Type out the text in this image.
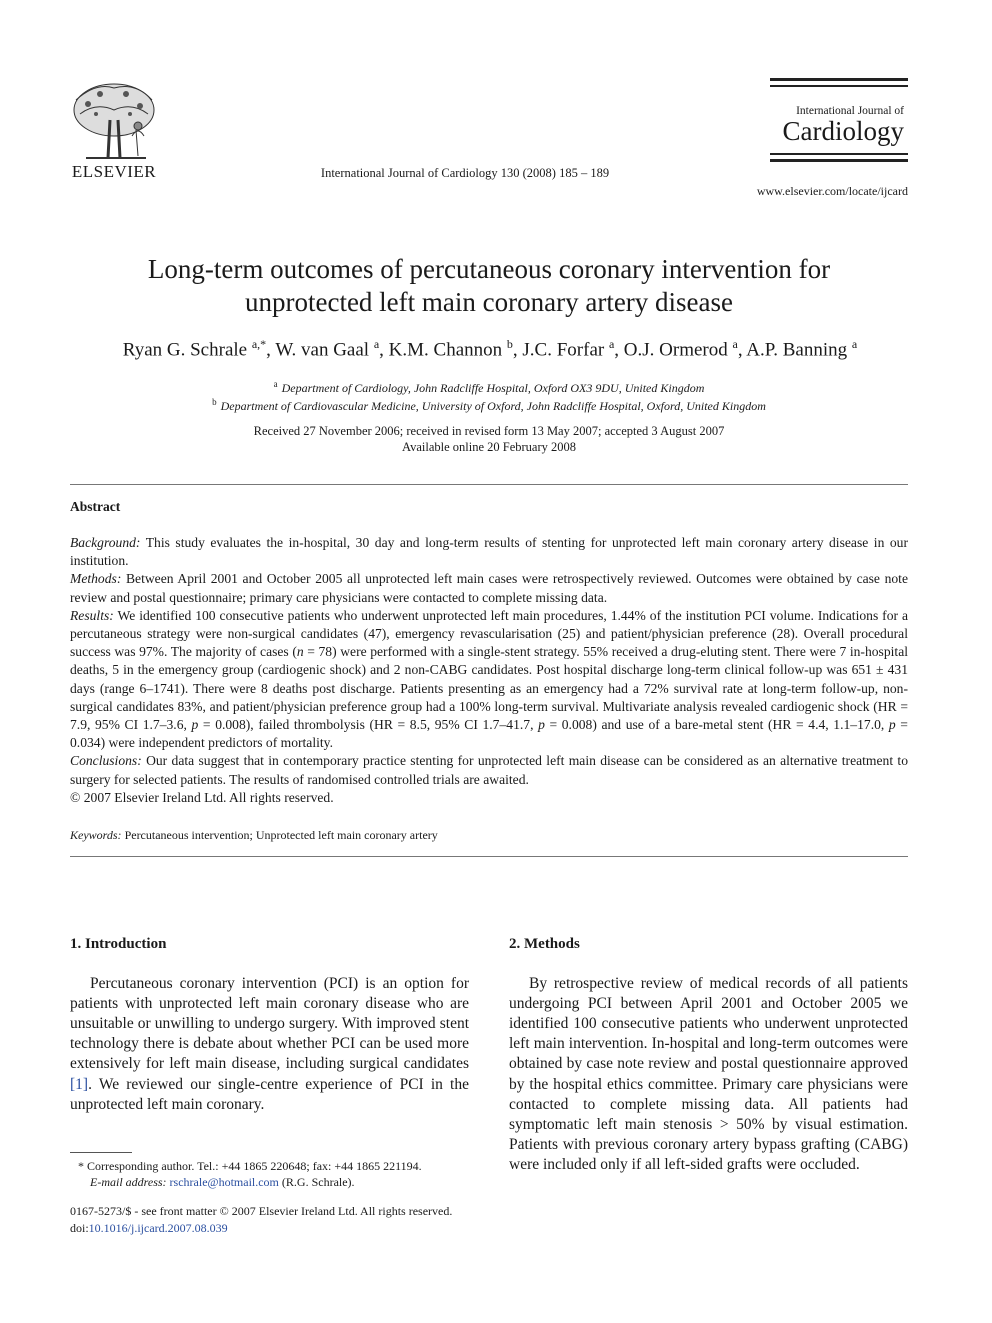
ELSEVIER	International Journal of Cardiology 130 (2008) 185 – 189
International Journal of
Cardiology
www.elsevier.com/locate/ijcard
Long-term outcomes of percutaneous coronary intervention for
unprotected left main coronary artery disease
Ryan G. Schrale $^{a,*}$, W. van Gaal $^a$, K.M. Channon $^b$, J.C. Forfar $^a$, O.J. Ormerod $^a$, A.P. Banning $^a$
$^a$ Department of Cardiology, John Radcliffe Hospital, Oxford OX3 9DU, United Kingdom
$^b$ Department of Cardiovascular Medicine, University of Oxford, John Radcliffe Hospital, Oxford, United Kingdom
Received 27 November 2006; received in revised form 13 May 2007; accepted 3 August 2007
Available online 20 February 2008
Abstract

Background: This study evaluates the in-hospital, 30 day and long-term results of stenting for unprotected left main coronary artery disease in our institution.

Methods: Between April 2001 and October 2005 all unprotected left main cases were retrospectively reviewed. Outcomes were obtained by case note review and postal questionnaire; primary care physicians were contacted to complete missing data.

Results: We identified 100 consecutive patients who underwent unprotected left main procedures, 1.44% of the institution PCI volume. Indications for a percutaneous strategy were non-surgical candidates (47), emergency revascularisation (25) and patient/physician preference (28). Overall procedural success was 97%. The majority of cases (n = 78) were performed with a single-stent strategy. 55% received a drug-eluting stent. There were 7 in-hospital deaths, 5 in the emergency group (cardiogenic shock) and 2 non-CABG candidates. Post hospital discharge long-term clinical follow-up was 651 ± 431 days (range 6–1741). There were 8 deaths post discharge. Patients presenting as an emergency had a 72% survival rate at long-term follow-up, non-surgical candidates 83%, and patient/physician preference group had a 100% long-term survival. Multivariate analysis revealed cardiogenic shock (HR = 7.9, 95% CI 1.7–3.6, p = 0.008), failed thrombolysis (HR = 8.5, 95% CI 1.7–41.7, p = 0.008) and use of a bare-metal stent (HR = 4.4, 1.1–17.0, p = 0.034) were independent predictors of mortality.

Conclusions: Our data suggest that in contemporary practice stenting for unprotected left main disease can be considered as an alternative treatment to surgery for selected patients. The results of randomised controlled trials are awaited.

© 2007 Elsevier Ireland Ltd. All rights reserved.

Keywords: Percutaneous intervention; Unprotected left main coronary artery
1. Introduction

Percutaneous coronary intervention (PCI) is an option for patients with unprotected left main coronary disease who are unsuitable or unwilling to undergo surgery. With improved stent technology there is debate about whether PCI can be used more extensively for left main disease, including surgical candidates [1]. We reviewed our single-centre experience of PCI in the unprotected left main coronary.

2. Methods

By retrospective review of medical records of all patients undergoing PCI between April 2001 and October 2005 we identified 100 consecutive patients who underwent unprotected left main intervention. In-hospital and long-term outcomes were obtained by case note review and postal questionnaire approved by the hospital ethics committee. Primary care physicians were contacted to complete missing data. All patients had symptomatic left main stenosis > 50% by visual estimation. Patients with previous coronary artery bypass grafting (CABG) were included only if all left-sided grafts were occluded.

* Corresponding author. Tel.: +44 1865 220648; fax: +44 1865 221194.
E-mail address: rschrale@hotmail.com (R.G. Schrale).
0167-5273/$ - see front matter © 2007 Elsevier Ireland Ltd. All rights reserved.
doi:10.1016/j.ijcard.2007.08.039
